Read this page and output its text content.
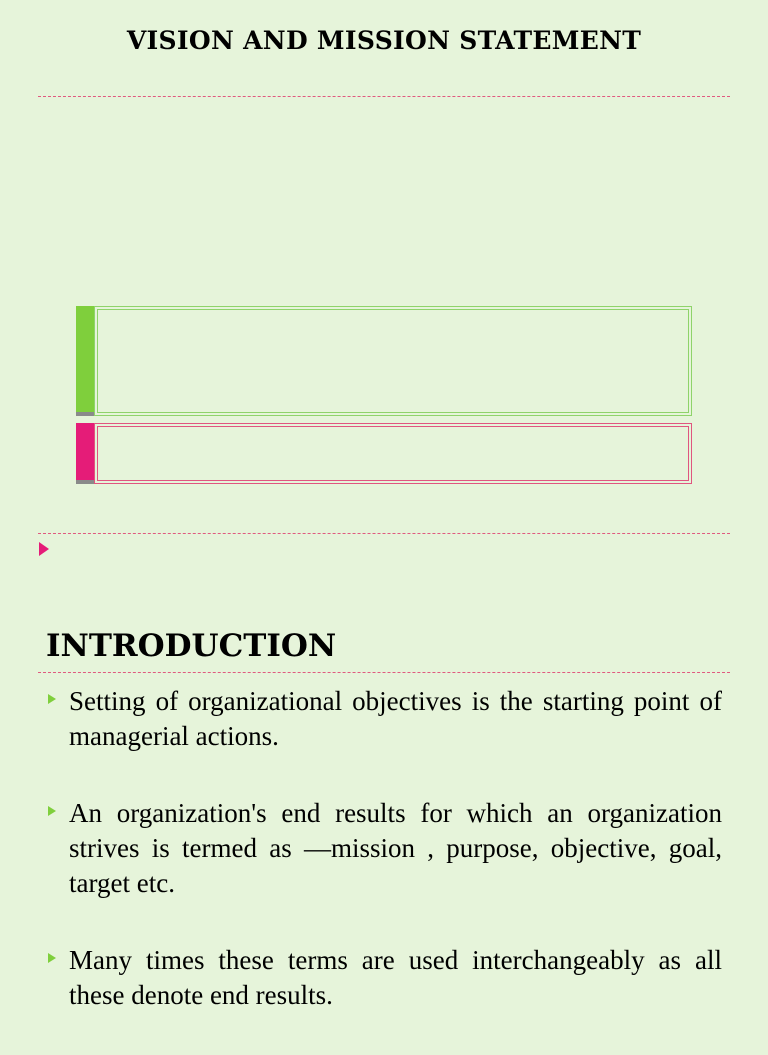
VISION AND MISSION STATEMENT
INTRODUCTION
Setting of organizational objectives is the starting point of managerial actions.
An organization's end results for which an organization strives is termed as —mission , purpose, objective, goal, target etc.
Many times these terms are used interchangeably as all these denote end results.
